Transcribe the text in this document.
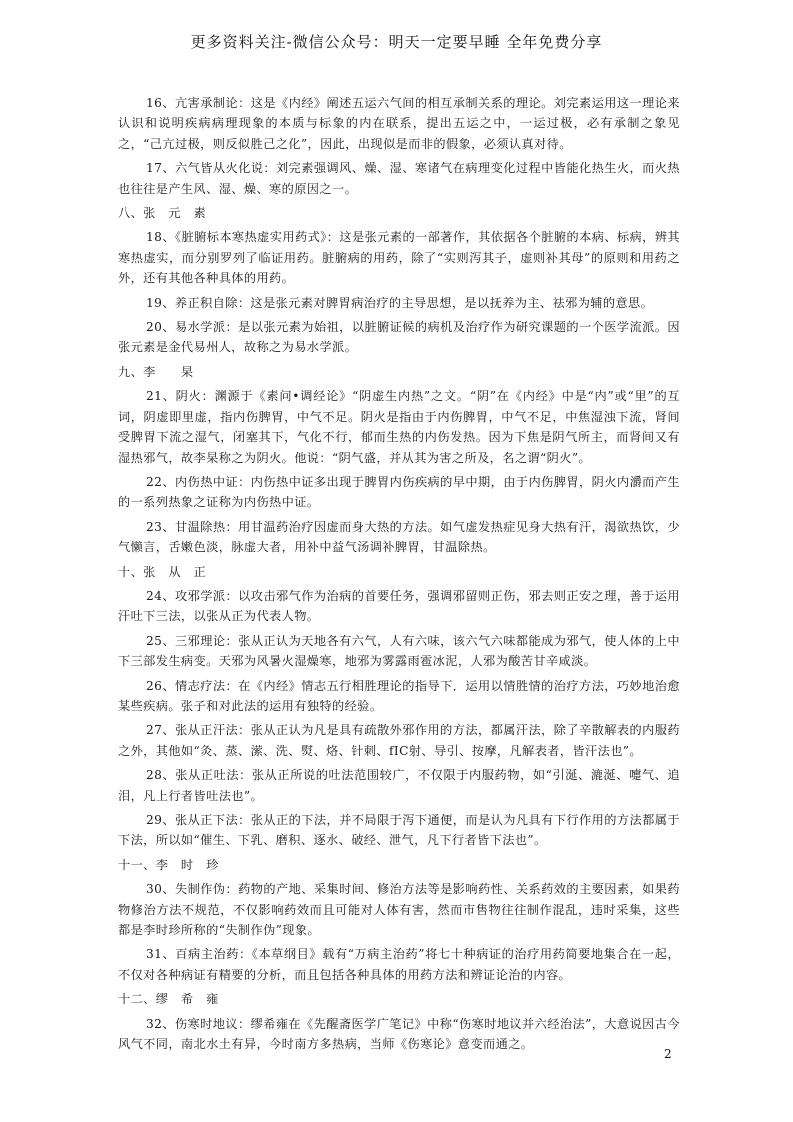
更多资料关注-微信公众号：明天一定要早睡 全年免费分享

16、亢害承制论：这是《内经》阐述五运六气间的相互承制关系的理论。刘完素运用这一理论来认识和说明疾病病理现象的本质与标象的内在联系，提出五运之中，一运过极，必有承制之象见之，“己亢过极，则反似胜己之化”，因此，出现似是而非的假象，必须认真对待。

17、六气皆从火化说：刘完素强调风、燥、湿、寒诸气在病理变化过程中皆能化热生火，而火热也往往是产生风、湿、燥、寒的原因之一。

八、张　元　素

18、《脏腑标本寒热虚实用药式》：这是张元素的一部著作，其依据各个脏腑的本病、标病，辨其寒热虚实，而分别罗列了临证用药。脏腑病的用药，除了“实则泻其子，虚则补其母”的原则和用药之外，还有其他各种具体的用药。

19、养正积自除：这是张元素对脾胃病治疗的主导思想，是以抚养为主、祛邪为辅的意思。

20、易水学派：是以张元素为始祖，以脏腑证候的病机及治疗作为研究课题的一个医学流派。因张元素是金代易州人，故称之为易水学派。

九、李　　杲

21、阴火：渊源于《素问•调经论》“阴虚生内热”之文。“阴”在《内经》中是“内”或“里”的互词，阴虚即里虚，指内伤脾胃，中气不足。阴火是指由于内伤脾胃，中气不足，中焦湿浊下流，肾间受脾胃下流之湿气，闭塞其下，气化不行，郁而生热的内伤发热。因为下焦是阴气所主，而肾间又有湿热邪气，故李杲称之为阴火。他说：“阴气盛，并从其为害之所及，名之谓“阴火”。

22、内伤热中证：内伤热中证多出现于脾胃内伤疾病的早中期，由于内伤脾胃，阴火内灂而产生的一系列热象之证称为内伤热中证。

23、甘温除热：用甘温药治疗因虚而身大热的方法。如气虚发热症见身大热有汗，渴欲热饮，少气懒言，舌嫩色淡，脉虚大者，用补中益气汤调补脾胃，甘温除热。

十、张　从　正

24、攻邪学派：以攻击邪气作为治病的首要任务，强调邪留则正伤，邪去则正安之理，善于运用汗吐下三法，以张从正为代表人物。

25、三邪理论：张从正认为天地各有六气，人有六味，该六气六味都能成为邪气，使人体的上中下三部发生病变。天邪为风暑火湿燥寒，地邪为雾露雨雹冰泥，人邪为酸苦甘辛咸淡。

26、情志疗法：在《内经》情志五行相胜理论的指导下．运用以情胜情的治疗方法，巧妙地治愈某些疾病。张子和对此法的运用有独特的经验。

27、张从正汗法：张从正认为凡是具有疏散外邪作用的方法，都属汗法，除了辛散解表的内服药之外，其他如“灸、蒸、潆、洗、熨、烙、针刺、fIC射、导引、按摩，凡解表者，皆汗法也”。

28、张从正吐法：张从正所说的吐法范围较广，不仅限于内服药物，如“引涎、漉涎、嚏气、追泪，凡上行者皆吐法也”。

29、张从正下法：张从正的下法，并不局限于泻下通便，而是认为凡具有下行作用的方法都属于下法，所以如“催生、下乳、磨积、逐水、破经、泄气，凡下行者皆下法也”。

十一、李　时　珍

30、失制作伪：药物的产地、采集时间、修治方法等是影响药性、关系药效的主要因素，如果药物修治方法不规范，不仅影响药效而且可能对人体有害，然而市售物往往制作混乱，违时采集，这些都是李时珍所称的“失制作伪”现象。

31、百病主治药：《本草纲目》载有“万病主治药”将七十种病证的治疗用药简要地集合在一起，不仅对各种病证有精要的分析，而且包括各种具体的用药方法和辨证论治的内容。

十二、缪　希　雍

32、伤寒时地议：缪希雍在《先醒斋医学广笔记》中称“伤寒时地议并六经治法”，大意说因古今风气不同，南北水土有异，今时南方多热病，当师《伤寒论》意变而通之。

2
